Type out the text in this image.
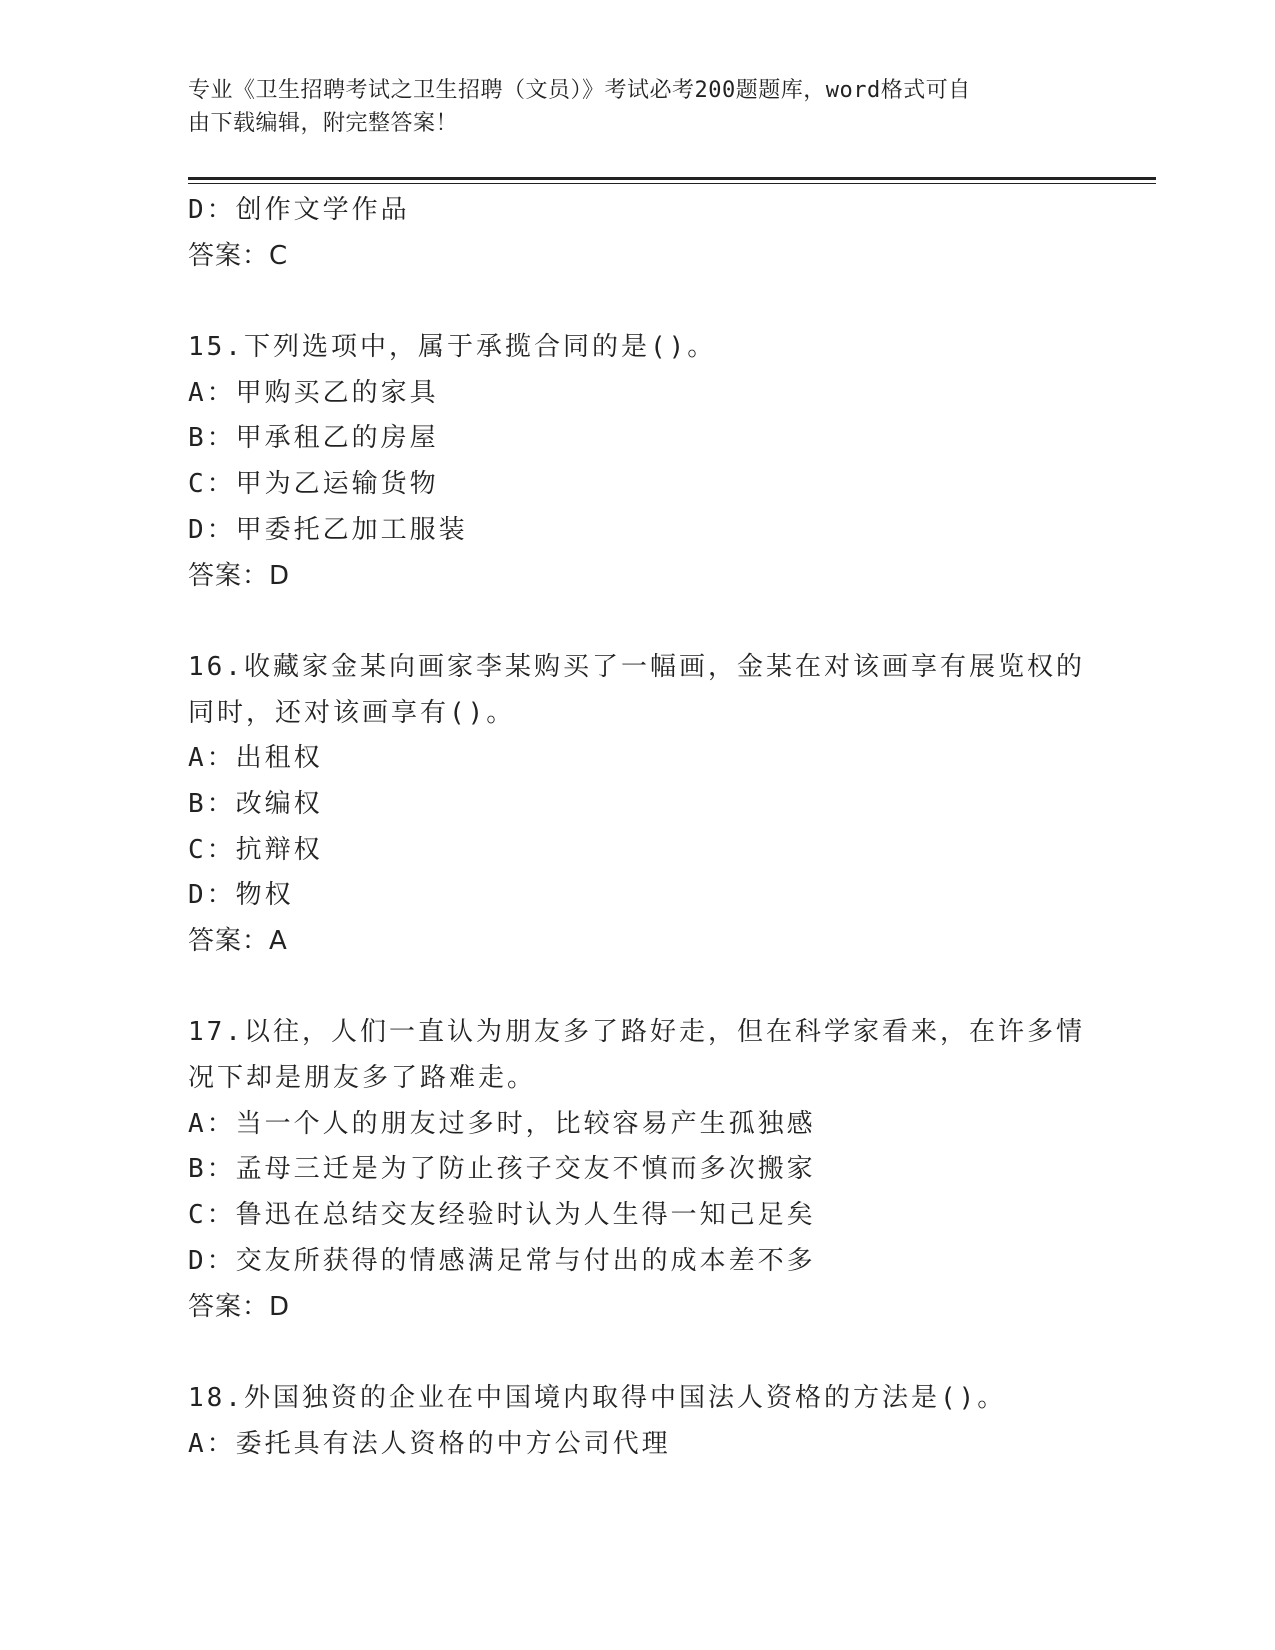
专业《卫生招聘考试之卫生招聘（文员）》考试必考200题题库，word格式可自
由下载编辑，附完整答案！
D：创作文学作品
答案：C
15.下列选项中，属于承揽合同的是()。
A：甲购买乙的家具
B：甲承租乙的房屋
C：甲为乙运输货物
D：甲委托乙加工服装
答案：D
16.收藏家金某向画家李某购买了一幅画，金某在对该画享有展览权的
同时，还对该画享有()。
A：出租权
B：改编权
C：抗辩权
D：物权
答案：A
17.以往，人们一直认为朋友多了路好走，但在科学家看来，在许多情
况下却是朋友多了路难走。
A：当一个人的朋友过多时，比较容易产生孤独感
B：孟母三迁是为了防止孩子交友不慎而多次搬家
C：鲁迅在总结交友经验时认为人生得一知己足矣
D：交友所获得的情感满足常与付出的成本差不多
答案：D
18.外国独资的企业在中国境内取得中国法人资格的方法是()。
A：委托具有法人资格的中方公司代理
